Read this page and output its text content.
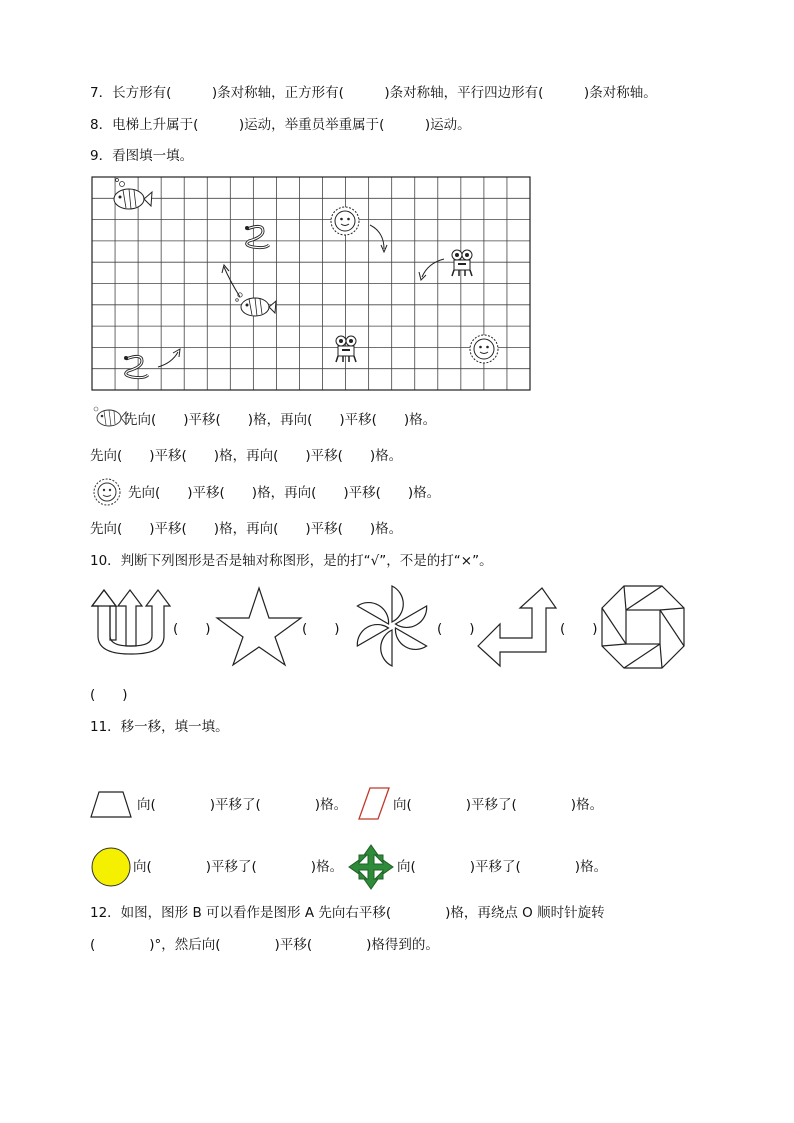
7．长方形有(　　　)条对称轴，正方形有(　　　)条对称轴，平行四边形有(　　　)条对称轴。
8．电梯上升属于(　　　)运动，举重员举重属于(　　　)运动。
9．看图填一填。
先向(　　)平移(　　)格，再向(　　)平移(　　)格。
先向(　　)平移(　　)格，再向(　　)平移(　　)格。
先向(　　)平移(　　)格，再向(　　)平移(　　)格。
先向(　　)平移(　　)格，再向(　　)平移(　　)格。
10．判断下列图形是否是轴对称图形，是的打“√”，不是的打“×”。
(　　)	(　　)	(　　)	(　　)
(　　)
11．移一移，填一填。
向(　　　　)平移了(　　　　)格。	向(　　　　)平移了(　　　　)格。
向(　　　　)平移了(　　　　)格。	向(　　　　)平移了(　　　　)格。
12．如图，图形 B 可以看作是图形 A 先向右平移(　　　　)格，再绕点 O 顺时针旋转
(　　　　)°，然后向(　　　　)平移(　　　　)格得到的。
